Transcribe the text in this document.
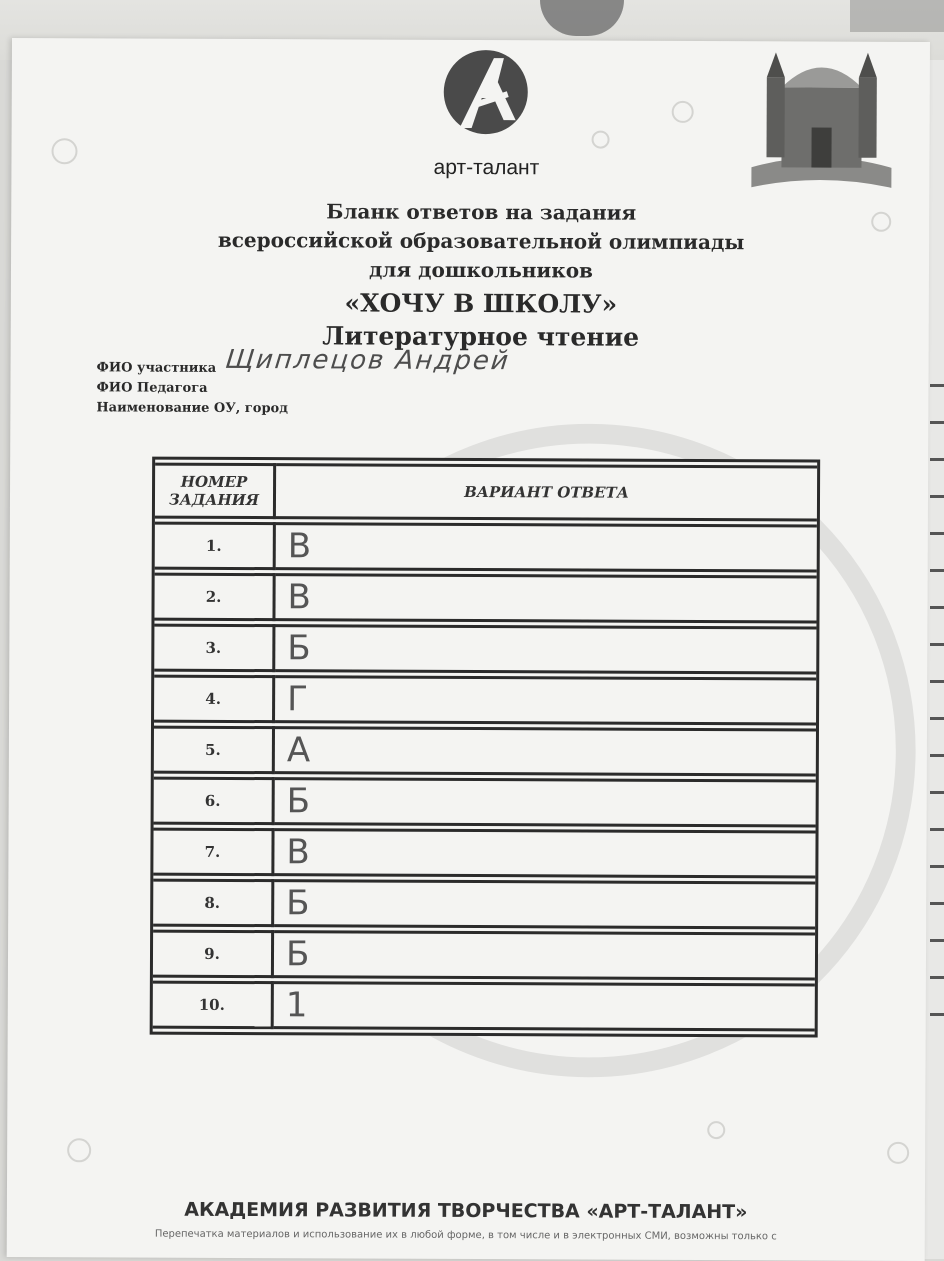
арт-талант
Бланк ответов на задания
всероссийской образовательной олимпиады
для дошкольников
«ХОЧУ В ШКОЛУ»
Литературное чтение
ФИО участника
ФИО Педагога
Наименование ОУ, город
Щиплецов Андрей
НОМЕР
ЗАДАНИЯ	ВАРИАНТ ОТВЕТА
1.	В
2.	В
3.	Б
4.	Г
5.	А
6.	Б
7.	В
8.	Б
9.	Б
10.	1
АКАДЕМИЯ РАЗВИТИЯ ТВОРЧЕСТВА «АРТ-ТАЛАНТ»
Перепечатка материалов и использование их в любой форме, в том числе и в электронных СМИ, возможны только с
